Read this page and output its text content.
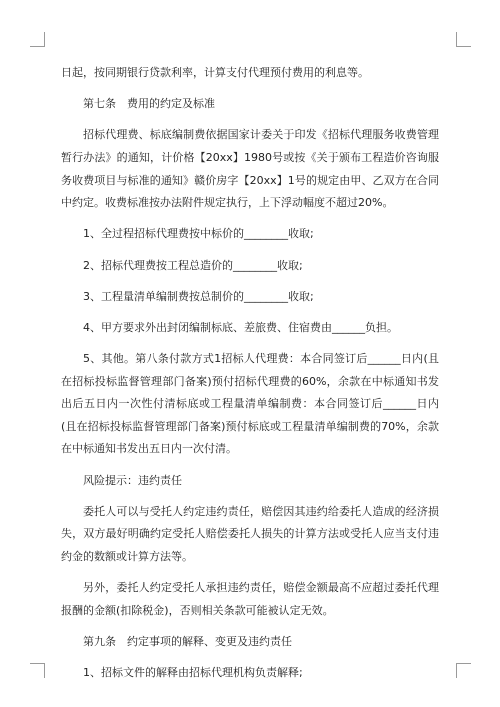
日起，按同期银行贷款利率，计算支付代理预付费用的利息等。

第七条　费用的约定及标准

招标代理费、标底编制费依据国家计委关于印发《招标代理服务收费管理暂行办法》的通知，计价格【20xx】1980号或按《关于颁布工程造价咨询服务收费项目与标准的通知》赣价房字【20xx】1号的规定由甲、乙双方在合同中约定。收费标准按办法附件规定执行，上下浮动幅度不超过20%。

1、全过程招标代理费按中标价的________收取;

2、招标代理费按工程总造价的________收取;

3、工程量清单编制费按总制价的________收取;

4、甲方要求外出封闭编制标底、差旅费、住宿费由______负担。

5、其他。第八条付款方式1招标人代理费：本合同签订后______日内(且在招标投标监督管理部门备案)预付招标代理费的60%，余款在中标通知书发出后五日内一次性付清标底或工程量清单编制费：本合同签订后______日内(且在招标投标监督管理部门备案)预付标底或工程量清单编制费的70%，余款在中标通知书发出五日内一次付清。

风险提示：违约责任

委托人可以与受托人约定违约责任，赔偿因其违约给委托人造成的经济损失，双方最好明确约定受托人赔偿委托人损失的计算方法或受托人应当支付违约金的数额或计算方法等。

另外，委托人约定受托人承担违约责任，赔偿金额最高不应超过委托代理报酬的金额(扣除税金)，否则相关条款可能被认定无效。

第九条　约定事项的解释、变更及违约责任

1、招标文件的解释由招标代理机构负责解释;
